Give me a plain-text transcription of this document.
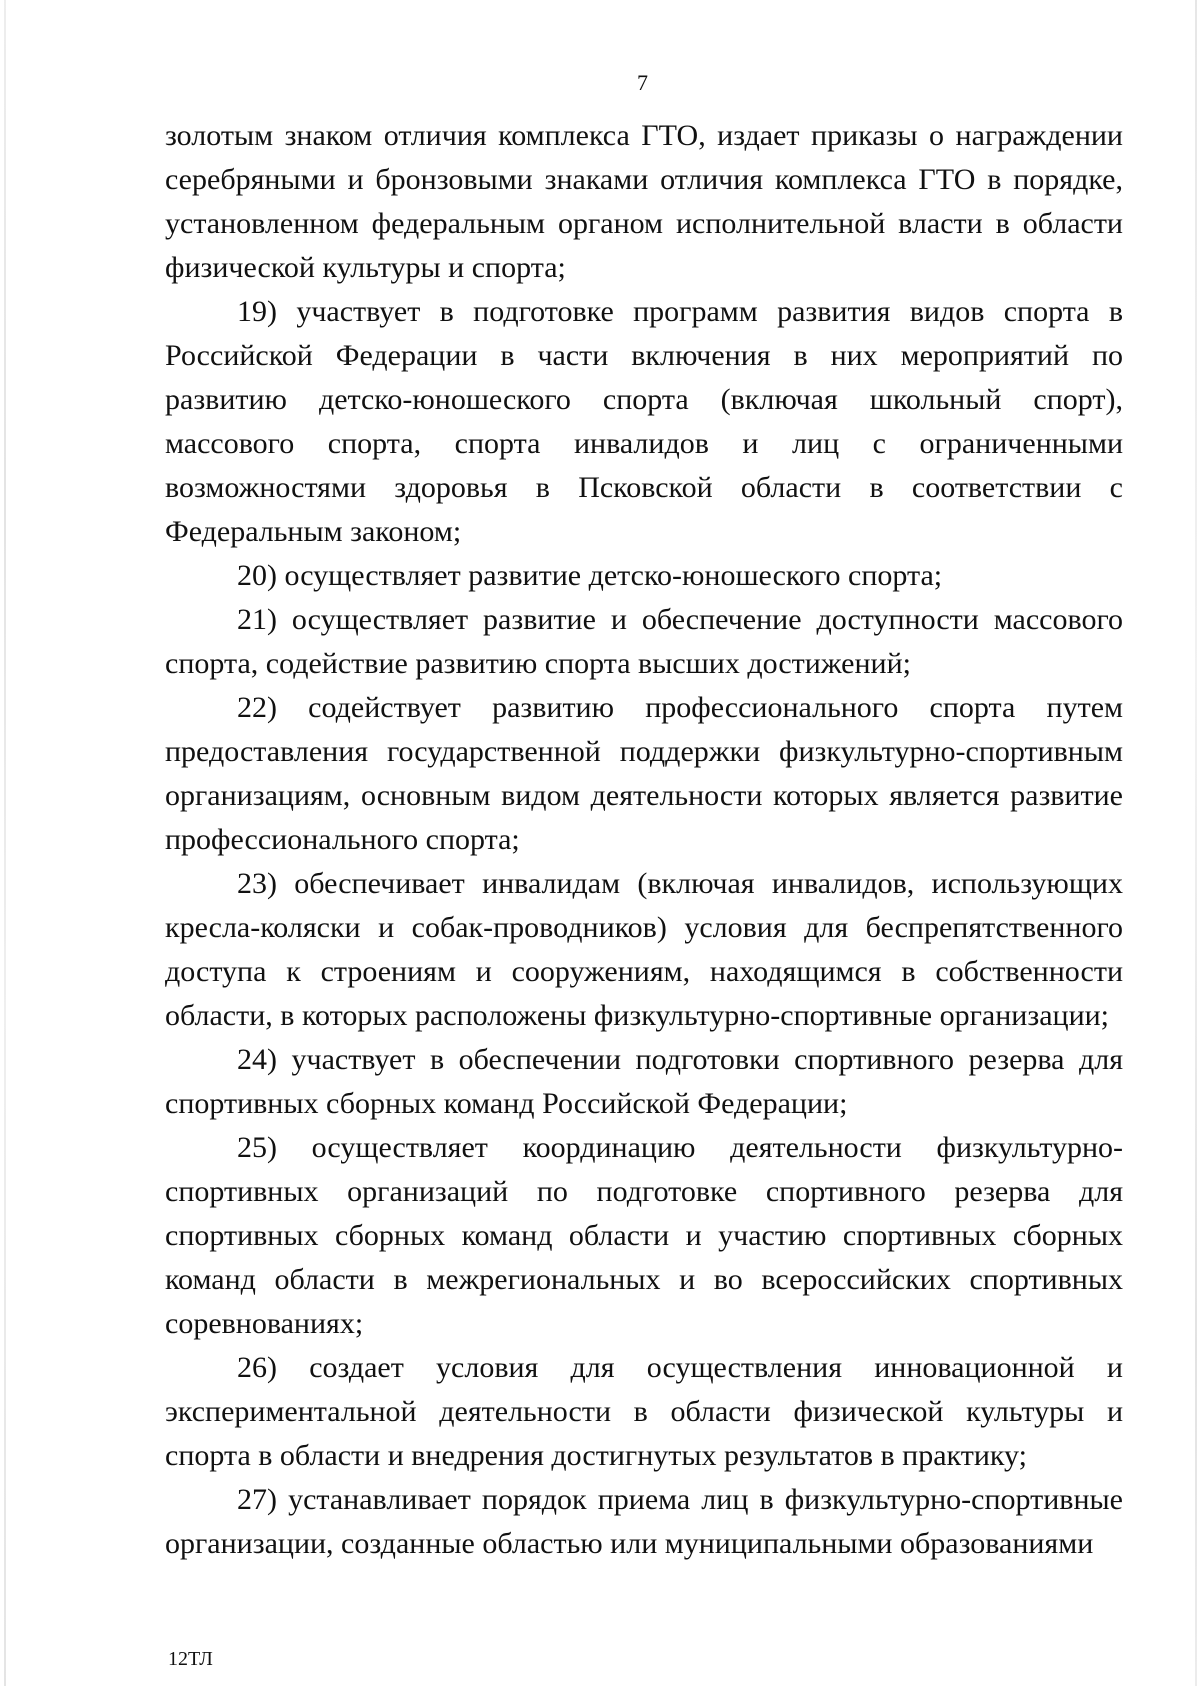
7

золотым знаком отличия комплекса ГТО, издает приказы о награждении серебряными и бронзовыми знаками отличия комплекса ГТО в порядке, установленном федеральным органом исполнительной власти в области физической культуры и спорта;

19) участвует в подготовке программ развития видов спорта в Российской Федерации в части включения в них мероприятий по развитию детско-юношеского спорта (включая школьный спорт), массового спорта, спорта инвалидов и лиц с ограниченными возможностями здоровья в Псковской области в соответствии с Федеральным законом;

20) осуществляет развитие детско-юношеского спорта;

21) осуществляет развитие и обеспечение доступности массового спорта, содействие развитию спорта высших достижений;

22) содействует развитию профессионального спорта путем предоставления государственной поддержки физкультурно-спортивным организациям, основным видом деятельности которых является развитие профессионального спорта;

23) обеспечивает инвалидам (включая инвалидов, использующих кресла-коляски и собак-проводников) условия для беспрепятственного доступа к строениям и сооружениям, находящимся в собственности области, в которых расположены физкультурно-спортивные организации;

24) участвует в обеспечении подготовки спортивного резерва для спортивных сборных команд Российской Федерации;

25) осуществляет координацию деятельности физкультурно-спортивных организаций по подготовке спортивного резерва для спортивных сборных команд области и участию спортивных сборных команд области в межрегиональных и во всероссийских спортивных соревнованиях;

26) создает условия для осуществления инновационной и экспериментальной деятельности в области физической культуры и спорта в области и внедрения достигнутых результатов в практику;

27) устанавливает порядок приема лиц в физкультурно-спортивные организации, созданные областью или муниципальными образованиями

12ТЛ
